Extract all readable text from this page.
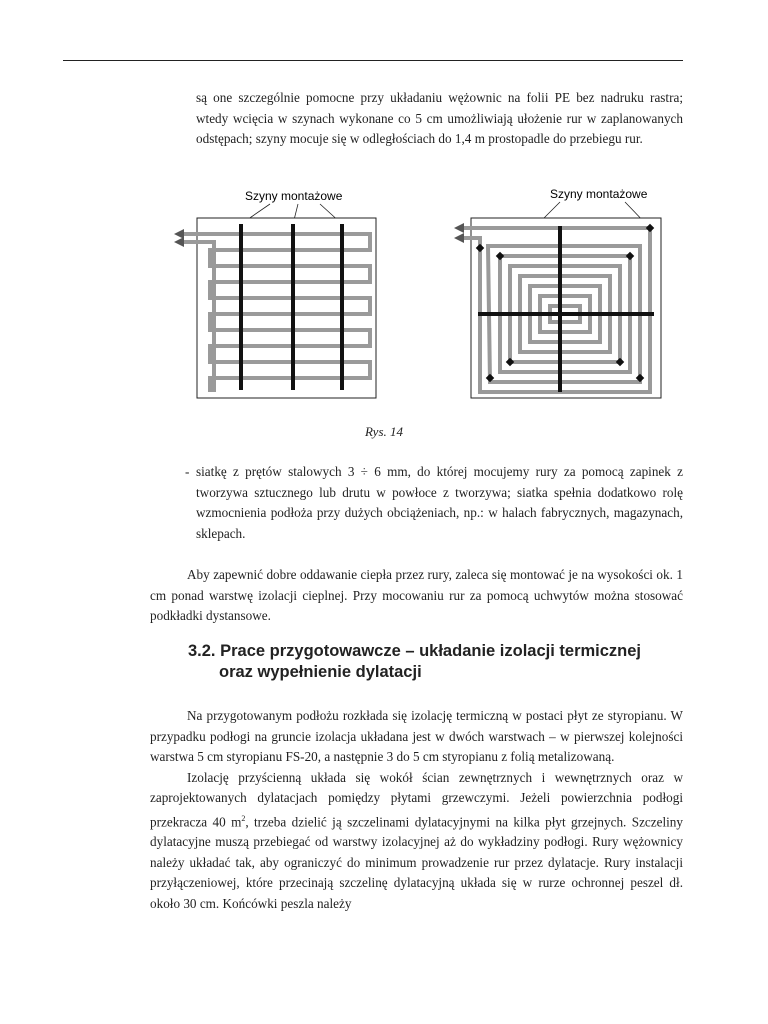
są one szczególnie pomocne przy układaniu wężownic na folii PE bez nadruku rastra; wtedy wcięcia w szynach wykonane co 5 cm umożliwiają ułożenie rur w zaplanowanych odstępach; szyny mocuje się w odległościach do 1,4 m prostopadle do przebiegu rur.
Szyny montażowe	Szyny montażowe
Rys. 14
- siatkę z prętów stalowych 3 ÷ 6 mm, do której mocujemy rury za pomocą zapinek z tworzywa sztucznego lub drutu w powłoce z tworzywa; siatka spełnia dodatkowo rolę wzmocnienia podłoża przy dużych obciążeniach, np.: w halach fabrycznych, magazynach, sklepach.
Aby zapewnić dobre oddawanie ciepła przez rury, zaleca się montować je na wysokości ok. 1 cm ponad warstwę izolacji cieplnej. Przy mocowaniu rur za pomocą uchwytów można stosować podkładki dystansowe.
3.2. Prace przygotowawcze – układanie izolacji termicznej
oraz wypełnienie dylatacji
Na przygotowanym podłożu rozkłada się izolację termiczną w postaci płyt ze styropianu. W przypadku podłogi na gruncie izolacja układana jest w dwóch warstwach – w pierwszej kolejności warstwa 5 cm styropianu FS-20, a następnie 3 do 5 cm styropianu z folią metalizowaną.
Izolację przyścienną układa się wokół ścian zewnętrznych i wewnętrznych oraz w zaprojektowanych dylatacjach pomiędzy płytami grzewczymi. Jeżeli powierzchnia podłogi przekracza 40 $m^2$, trzeba dzielić ją szczelinami dylatacyjnymi na kilka płyt grzejnych. Szczeliny dylatacyjne muszą przebiegać od warstwy izolacyjnej aż do wykładziny podłogi. Rury wężownicy należy układać tak, aby ograniczyć do minimum prowadzenie rur przez dylatacje. Rury instalacji przyłączeniowej, które przecinają szczelinę dylatacyjną układa się w rurze ochronnej peszel dł. około 30 cm. Końcówki peszla należy
